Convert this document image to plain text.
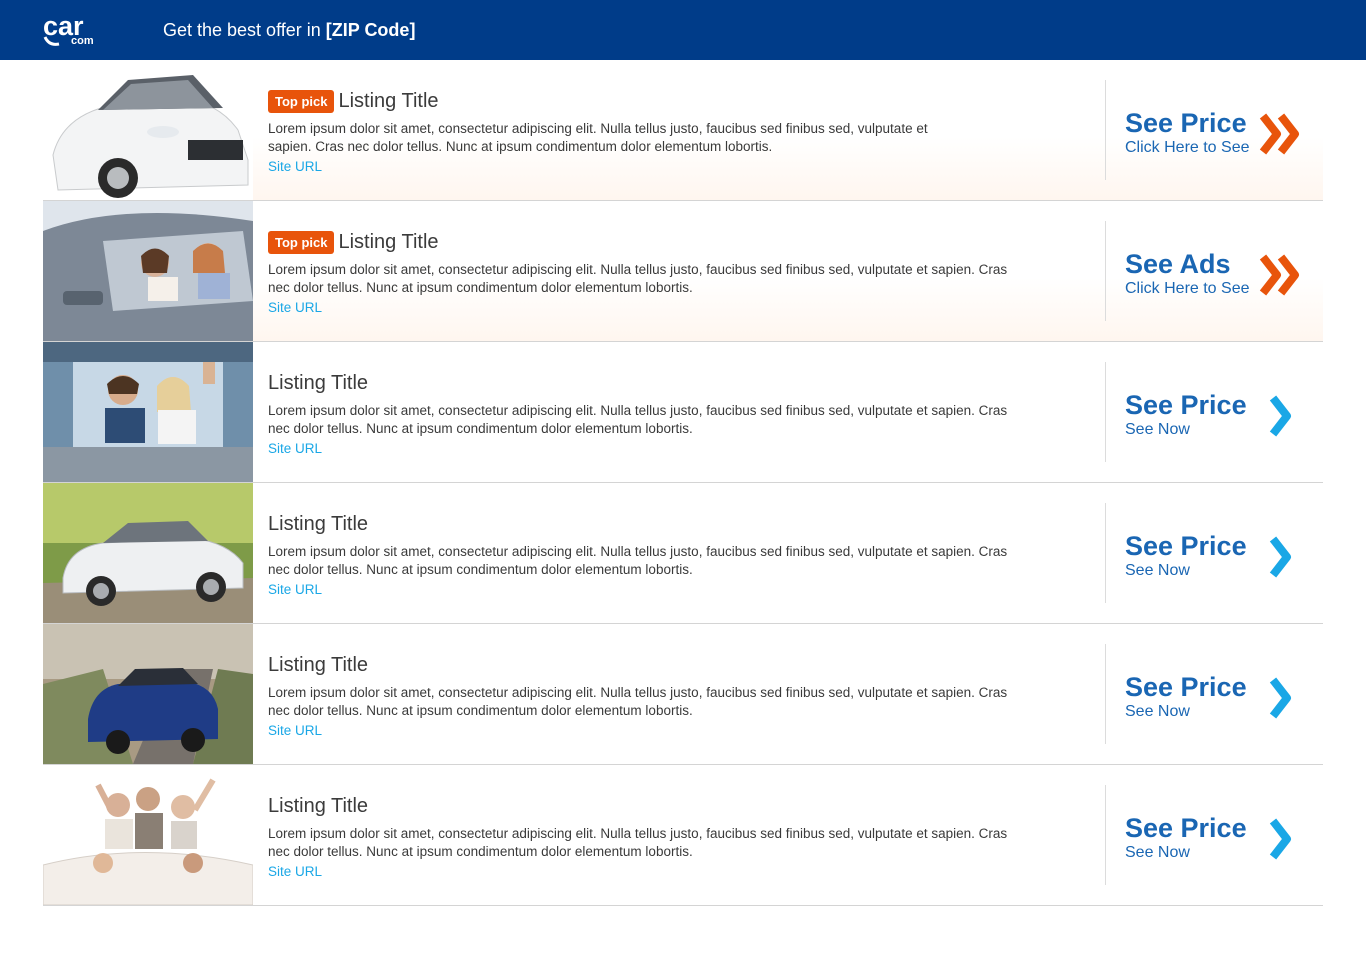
car
com
Get the best offer in [ZIP Code]
Top pick Listing Title
Lorem ipsum dolor sit amet, consectetur adipiscing elit. Nulla tellus justo, faucibus sed finibus sed, vulputate et sapien. Cras nec dolor tellus. Nunc at ipsum condimentum dolor elementum lobortis.
Site URL
See Price
Click Here to See
Top pick Listing Title
Lorem ipsum dolor sit amet, consectetur adipiscing elit. Nulla tellus justo, faucibus sed finibus sed, vulputate et sapien. Cras nec dolor tellus. Nunc at ipsum condimentum dolor elementum lobortis.
Site URL
See Ads
Click Here to See
Listing Title
Lorem ipsum dolor sit amet, consectetur adipiscing elit. Nulla tellus justo, faucibus sed finibus sed, vulputate et sapien. Cras nec dolor tellus. Nunc at ipsum condimentum dolor elementum lobortis.
Site URL
See Price
See Now
Listing Title
Lorem ipsum dolor sit amet, consectetur adipiscing elit. Nulla tellus justo, faucibus sed finibus sed, vulputate et sapien. Cras nec dolor tellus. Nunc at ipsum condimentum dolor elementum lobortis.
Site URL
See Price
See Now
Listing Title
Lorem ipsum dolor sit amet, consectetur adipiscing elit. Nulla tellus justo, faucibus sed finibus sed, vulputate et sapien. Cras nec dolor tellus. Nunc at ipsum condimentum dolor elementum lobortis.
Site URL
See Price
See Now
Listing Title
Lorem ipsum dolor sit amet, consectetur adipiscing elit. Nulla tellus justo, faucibus sed finibus sed, vulputate et sapien. Cras nec dolor tellus. Nunc at ipsum condimentum dolor elementum lobortis.
Site URL
See Price
See Now
